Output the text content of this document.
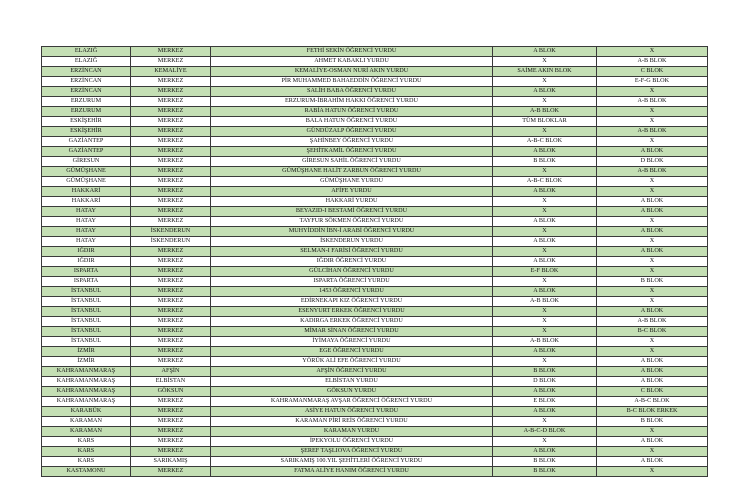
ELAZIĞ	MERKEZ	FETHİ SEKİN ÖĞRENCİ YURDU	A BLOK	X
ELAZIĞ	MERKEZ	AHMET KABAKLI YURDU	X	A-B BLOK
ERZİNCAN	KEMALİYE	KEMALİYE-OSMAN NURİ AKIN YURDU	SAİME AKIN BLOK	C BLOK
ERZİNCAN	MERKEZ	PİR MUHAMMED BAHAEDDİN ÖĞRENCİ YURDU	X	E-F-G BLOK
ERZİNCAN	MERKEZ	SALİH BABA ÖĞRENCİ YURDU	A BLOK	X
ERZURUM	MERKEZ	ERZURUM-İBRAHİM HAKKI ÖĞRENCİ YURDU	X	A-B BLOK
ERZURUM	MERKEZ	RABİA HATUN ÖĞRENCİ YURDU	A-B BLOK	X
ESKİŞEHİR	MERKEZ	BALA HATUN ÖĞRENCİ YURDU	TÜM BLOKLAR	X
ESKİŞEHİR	MERKEZ	GÜNDÜZALP ÖĞRENCİ YURDU	X	A-B BLOK
GAZİANTEP	MERKEZ	ŞAHİNBEY ÖĞRENCİ YURDU	A-B-C BLOK	X
GAZİANTEP	MERKEZ	ŞEHİTKAMİL ÖĞRENCİ YURDU	A BLOK	A BLOK
GİRESUN	MERKEZ	GİRESUN SAHİL ÖĞRENCİ YURDU	B BLOK	D BLOK
GÜMÜŞHANE	MERKEZ	GÜMÜŞHANE HALİT ZARBUN ÖĞRENCİ YURDU	X	A-B BLOK
GÜMÜŞHANE	MERKEZ	GÜMÜŞHANE YURDU	A-B-C BLOK	X
HAKKARİ	MERKEZ	AFİFE YURDU	A BLOK	X
HAKKARİ	MERKEZ	HAKKARİ YURDU	X	A BLOK
HATAY	MERKEZ	BEYAZID-I BESTAMİ ÖĞRENCİ YURDU	X	A BLOK
HATAY	MERKEZ	TAYFUR SÖKMEN ÖĞRENCİ YURDU	A BLOK	X
HATAY	İSKENDERUN	MUHYİDDİN İBN-İ ARABİ ÖĞRENCİ YURDU	X	A BLOK
HATAY	İSKENDERUN	İSKENDERUN YURDU	A BLOK	X
IĞDIR	MERKEZ	SELMAN-I FARİSİ ÖĞRENCİ YURDU	X	A BLOK
IĞDIR	MERKEZ	IĞDIR ÖĞRENCİ YURDU	A BLOK	X
ISPARTA	MERKEZ	GÜLCİHAN ÖĞRENCİ YURDU	E-F BLOK	X
ISPARTA	MERKEZ	ISPARTA ÖĞRENCİ YURDU	X	B BLOK
İSTANBUL	MERKEZ	1453 ÖĞRENCİ YURDU	A BLOK	X
İSTANBUL	MERKEZ	EDİRNEKAPI KIZ ÖĞRENCİ YURDU	A-B BLOK	X
İSTANBUL	MERKEZ	ESENYURT ERKEK ÖĞRENCİ YURDU	X	A BLOK
İSTANBUL	MERKEZ	KADIRGA ERKEK ÖĞRENCİ YURDU	X	A-B BLOK
İSTANBUL	MERKEZ	MİMAR SİNAN ÖĞRENCİ YURDU	X	B-C BLOK
İSTANBUL	MERKEZ	İYİMAYA ÖĞRENCİ YURDU	A-B BLOK	X
İZMİR	MERKEZ	EGE ÖĞRENCİ YURDU	A BLOK	X
İZMİR	MERKEZ	YÖRÜK ALİ EFE ÖĞRENCİ YURDU	X	A BLOK
KAHRAMANMARAŞ	AFŞİN	AFŞİN ÖĞRENCİ YURDU	B BLOK	A BLOK
KAHRAMANMARAŞ	ELBİSTAN	ELBİSTAN YURDU	D BLOK	A BLOK
KAHRAMANMARAŞ	GÖKSUN	GÖKSUN YURDU	A BLOK	C BLOK
KAHRAMANMARAŞ	MERKEZ	KAHRAMANMARAŞ AVŞAR ÖĞRENCİ ÖĞRENCİ YURDU	E BLOK	A-B-C BLOK
KARABÜK	MERKEZ	ASİYE HATUN ÖĞRENCİ YURDU	A BLOK	B-C BLOK ERKEK
KARAMAN	MERKEZ	KARAMAN PİRİ REİS ÖĞRENCİ YURDU	X	B BLOK
KARAMAN	MERKEZ	KARAMAN YURDU	A-B-C-D BLOK	X
KARS	MERKEZ	İPEKYOLU ÖĞRENCİ YURDU	X	A BLOK
KARS	MERKEZ	ŞEREF TAŞLIOVA ÖĞRENCİ YURDU	A BLOK	X
KARS	SARIKAMIŞ	SARIKAMIŞ 100.YIL ŞEHİTLERİ ÖĞRENCİ YURDU	B BLOK	A BLOK
KASTAMONU	MERKEZ	FATMA ALİYE HANIM ÖĞRENCİ YURDU	B BLOK	X
